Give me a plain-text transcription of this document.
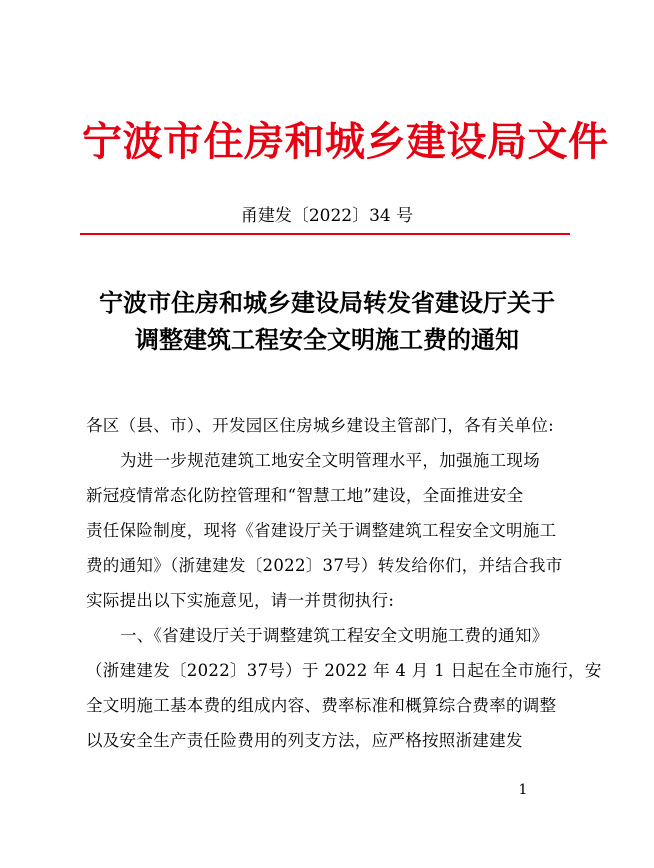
宁波市住房和城乡建设局文件
甬建发〔2022〕34 号
宁波市住房和城乡建设局转发省建设厅关于
调整建筑工程安全文明施工费的通知
各区（县、市）、开发园区住房城乡建设主管部门，各有关单位:
为进一步规范建筑工地安全文明管理水平，加强施工现场
新冠疫情常态化防控管理和“智慧工地”建设，全面推进安全
责任保险制度，现将《省建设厅关于调整建筑工程安全文明施工
费的通知》（浙建建发〔2022〕37号）转发给你们，并结合我市
实际提出以下实施意见，请一并贯彻执行:
一、《省建设厅关于调整建筑工程安全文明施工费的通知》
（浙建建发〔2022〕37号）于 2022 年 4 月 1 日起在全市施行，安
全文明施工基本费的组成内容、费率标准和概算综合费率的调整
以及安全生产责任险费用的列支方法，应严格按照浙建建发
1
